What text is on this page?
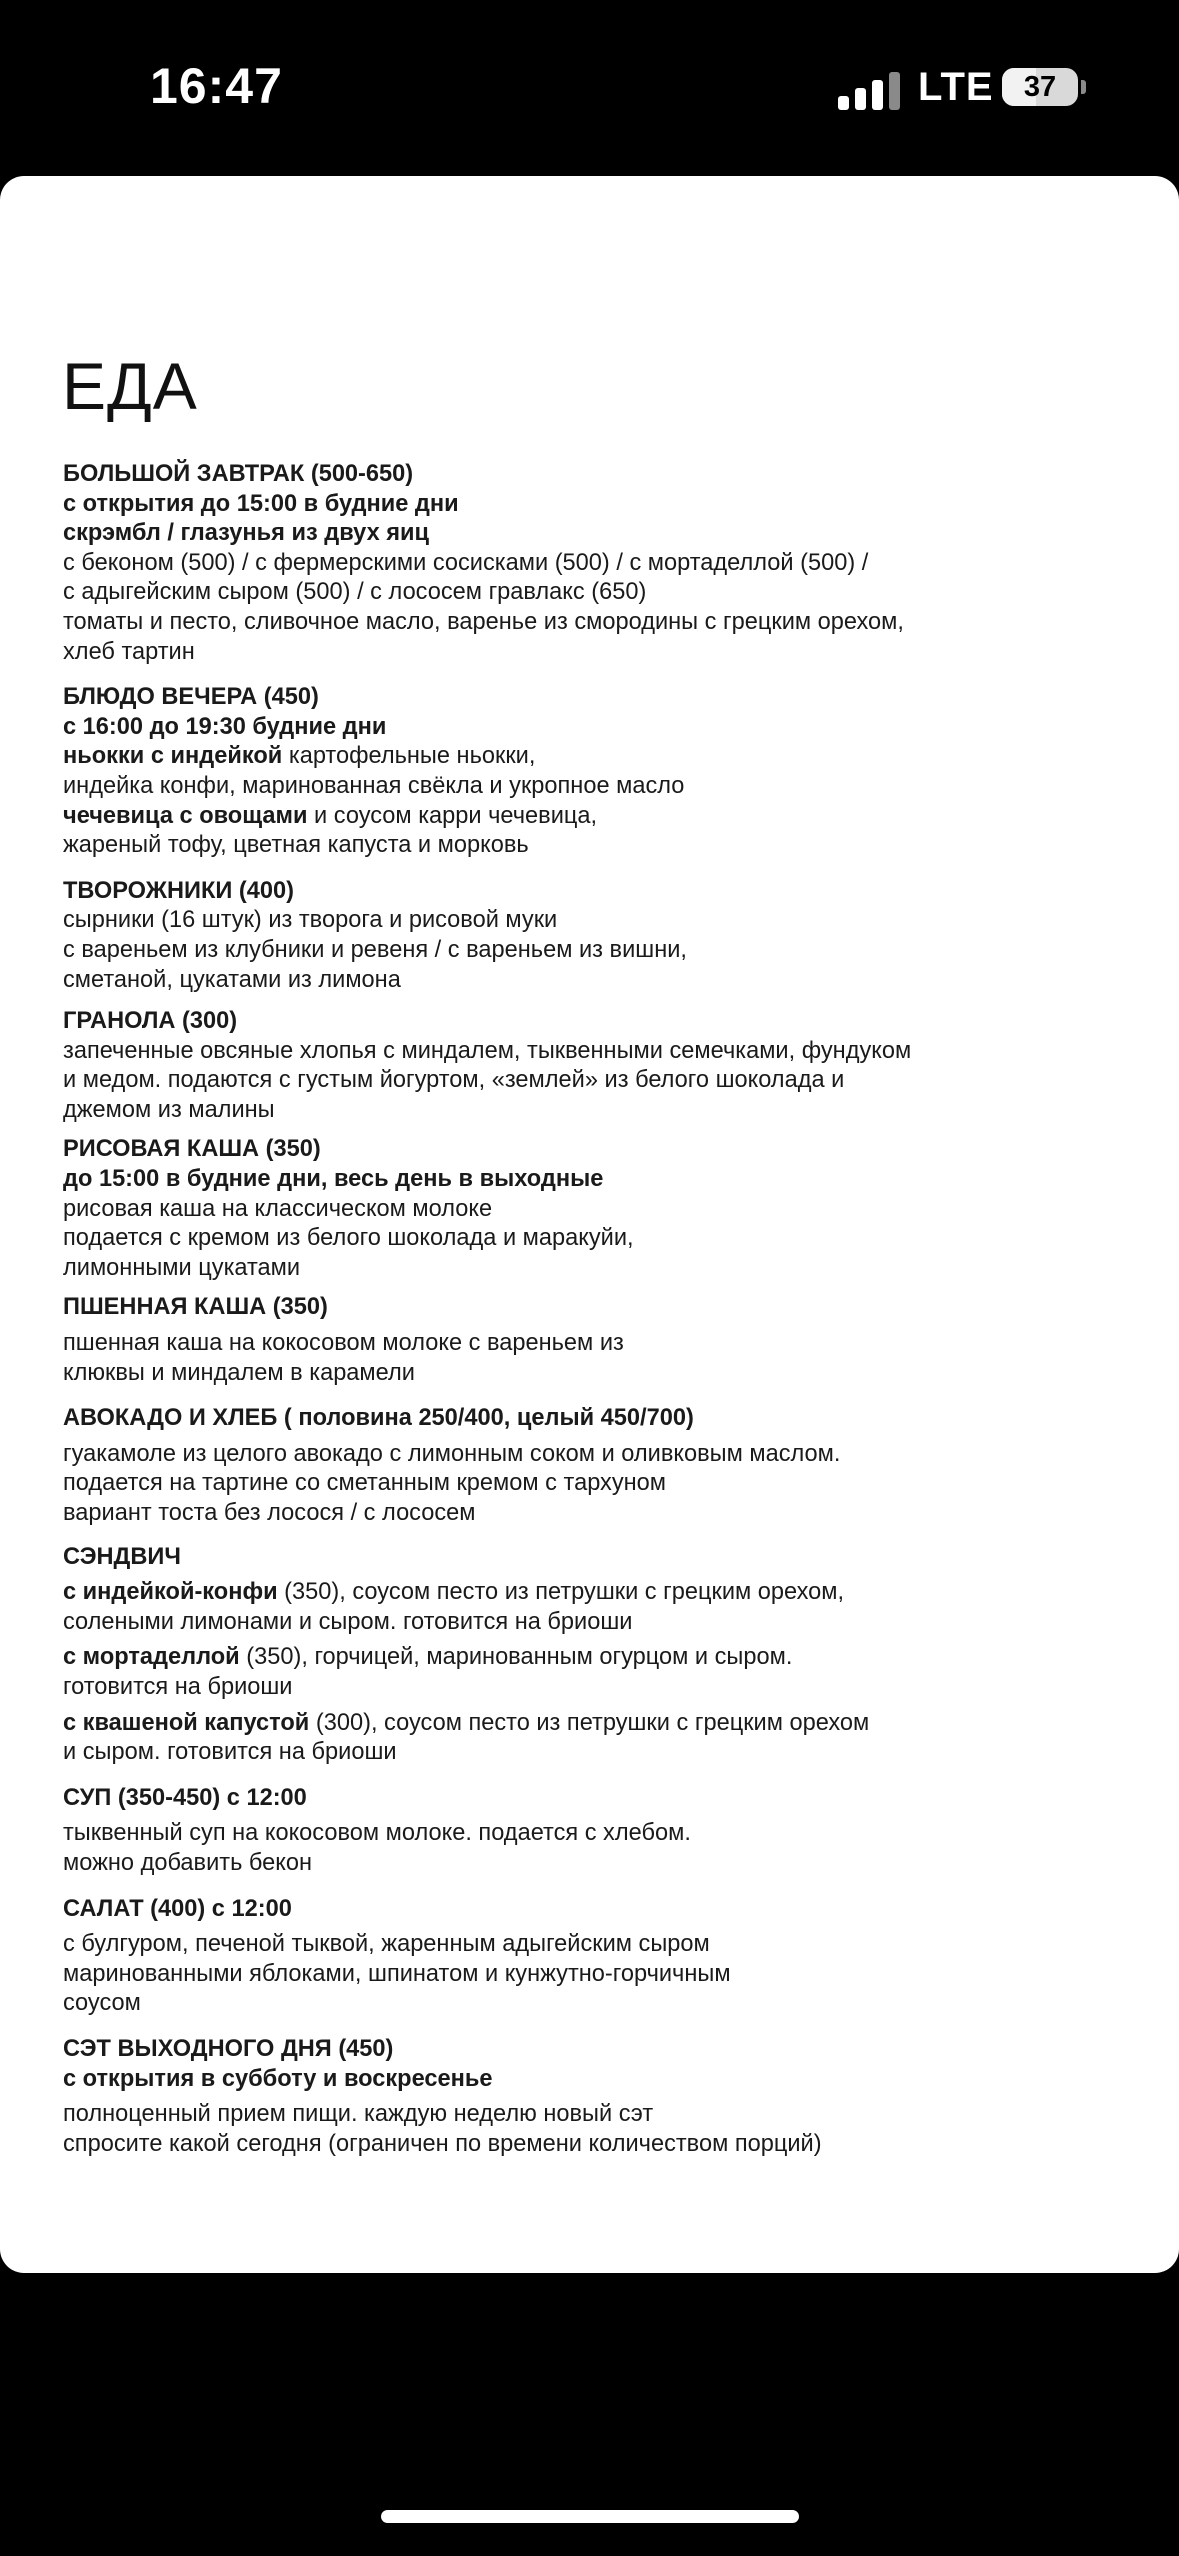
16:47	LTE	37
ЕДА
БОЛЬШОЙ ЗАВТРАК (500-650)
с открытия до 15:00 в будние дни
скрэмбл / глазунья из двух яиц
с беконом (500) / с фермерскими сосисками (500) / с мортаделлой (500) /
с адыгейским сыром (500) / с лососем гравлакс (650)
томаты и песто, сливочное масло, варенье из смородины с грецким орехом,
хлеб тартин
БЛЮДО ВЕЧЕРА (450)
с 16:00 до 19:30 будние дни
ньокки с индейкой картофельные ньокки,
индейка конфи, маринованная свёкла и укропное масло
чечевица с овощами и соусом карри чечевица,
жареный тофу, цветная капуста и морковь
ТВОРОЖНИКИ (400)
сырники (16 штук) из творога и рисовой муки
с вареньем из клубники и ревеня / с вареньем из вишни,
сметаной, цукатами из лимона
ГРАНОЛА (300)
запеченные овсяные хлопья с миндалем, тыквенными семечками, фундуком
и медом. подаются с густым йогуртом, «землей» из белого шоколада и
джемом из малины
РИСОВАЯ КАША (350)
до 15:00 в будние дни, весь день в выходные
рисовая каша на классическом молоке
подается с кремом из белого шоколада и маракуйи,
лимонными цукатами
ПШЕННАЯ КАША (350)
пшенная каша на кокосовом молоке с вареньем из
клюквы и миндалем в карамели
АВОКАДО И ХЛЕБ ( половина 250/400, целый 450/700)
гуакамоле из целого авокадо с лимонным соком и оливковым маслом.
подается на тартине со сметанным кремом с тархуном
вариант тоста без лосося / с лососем
СЭНДВИЧ
с индейкой-конфи (350), соусом песто из петрушки с грецким орехом,
солеными лимонами и сыром. готовится на бриоши
с мортаделлой (350), горчицей, маринованным огурцом и сыром.
готовится на бриоши
с квашеной капустой (300), соусом песто из петрушки с грецким орехом
и сыром. готовится на бриоши
СУП (350-450) с 12:00
тыквенный суп на кокосовом молоке. подается с хлебом.
можно добавить бекон
САЛАТ (400) с 12:00
с булгуром, печеной тыквой, жаренным адыгейским сыром
маринованными яблоками, шпинатом и кунжутно-горчичным
соусом
СЭТ ВЫХОДНОГО ДНЯ (450)
с открытия в субботу и воскресенье
полноценный прием пищи. каждую неделю новый сэт
спросите какой сегодня (ограничен по времени количеством порций)
